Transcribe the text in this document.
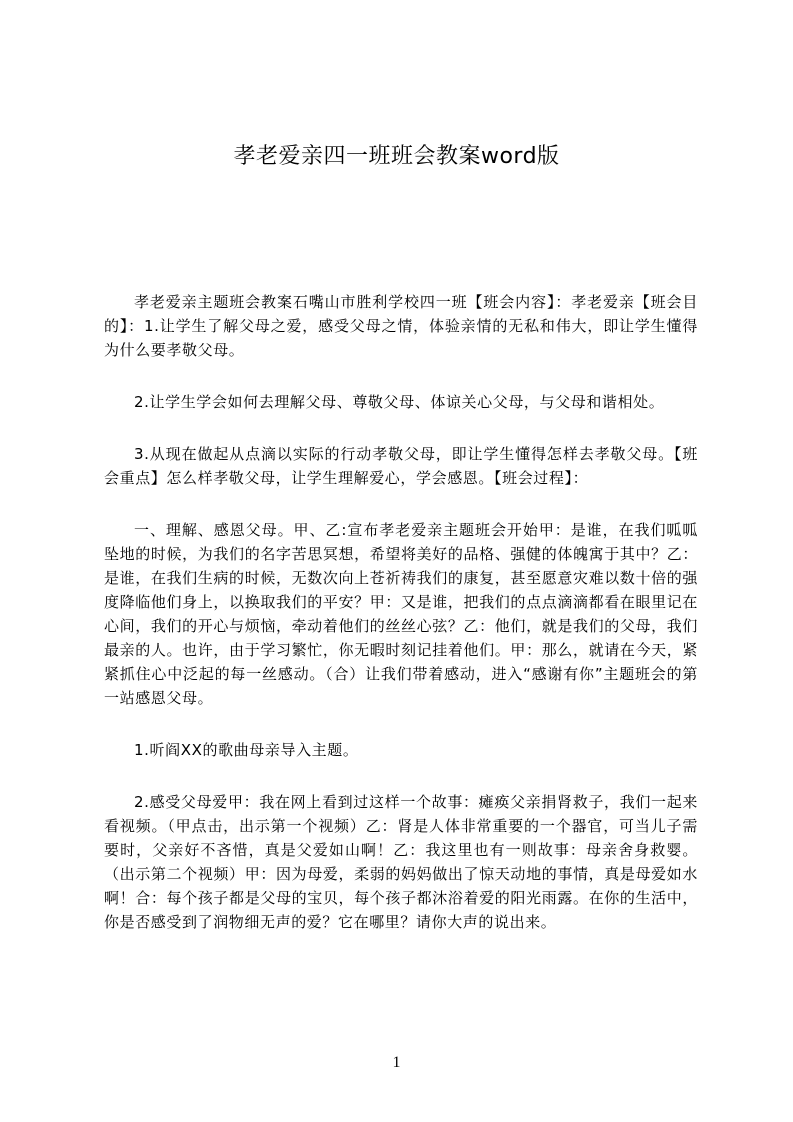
孝老爱亲四一班班会教案word版

孝老爱亲主题班会教案石嘴山市胜利学校四一班【班会内容】：孝老爱亲【班会目的】：1.让学生了解父母之爱，感受父母之情，体验亲情的无私和伟大，即让学生懂得为什么要孝敬父母。

2.让学生学会如何去理解父母、尊敬父母、体谅关心父母，与父母和谐相处。

3.从现在做起从点滴以实际的行动孝敬父母，即让学生懂得怎样去孝敬父母。【班会重点】怎么样孝敬父母，让学生理解爱心，学会感恩。【班会过程】：

一、理解、感恩父母。甲、乙:宣布孝老爱亲主题班会开始甲：是谁，在我们呱呱坠地的时候，为我们的名字苦思冥想，希望将美好的品格、强健的体魄寓于其中？乙：是谁，在我们生病的时候，无数次向上苍祈祷我们的康复，甚至愿意灾难以数十倍的强度降临他们身上，以换取我们的平安？甲：又是谁，把我们的点点滴滴都看在眼里记在心间，我们的开心与烦恼，牵动着他们的丝丝心弦？乙：他们，就是我们的父母，我们最亲的人。也许，由于学习繁忙，你无暇时刻记挂着他们。甲：那么，就请在今天，紧紧抓住心中泛起的每一丝感动。（合）让我们带着感动，进入“感谢有你”主题班会的第一站感恩父母。

1.听阎XX的歌曲母亲导入主题。

2.感受父母爱甲：我在网上看到过这样一个故事：瘫痪父亲捐肾救子，我们一起来看视频。（甲点击，出示第一个视频）乙：肾是人体非常重要的一个器官，可当儿子需要时，父亲好不吝惜，真是父爱如山啊！乙：我这里也有一则故事：母亲舍身救婴。（出示第二个视频）甲：因为母爱，柔弱的妈妈做出了惊天动地的事情，真是母爱如水啊！合：每个孩子都是父母的宝贝，每个孩子都沐浴着爱的阳光雨露。在你的生活中，你是否感受到了润物细无声的爱？它在哪里？请你大声的说出来。

1
